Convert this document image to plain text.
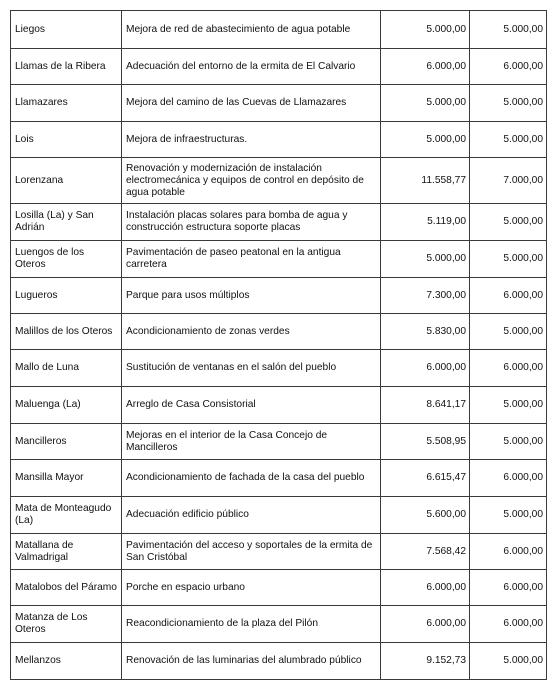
Liegos	Mejora de red de abastecimiento de agua potable	5.000,00	5.000,00
Llamas de la Ribera	Adecuación del entorno de la ermita de El Calvario	6.000,00	6.000,00
Llamazares	Mejora del camino de las Cuevas de Llamazares	5.000,00	5.000,00
Lois	Mejora de infraestructuras.	5.000,00	5.000,00
Lorenzana	Renovación y modernización de instalación electromecánica y equipos de control en depósito de agua potable	11.558,77	7.000,00
Losilla (La) y San Adrián	Instalación placas solares para bomba de agua y construcción estructura soporte placas	5.119,00	5.000,00
Luengos de los Oteros	Pavimentación de paseo peatonal en la antigua carretera	5.000,00	5.000,00
Lugueros	Parque para usos múltiplos	7.300,00	6.000,00
Malillos de los Oteros	Acondicionamiento de zonas verdes	5.830,00	5.000,00
Mallo de Luna	Sustitución de ventanas en el salón del pueblo	6.000,00	6.000,00
Maluenga (La)	Arreglo de Casa Consistorial	8.641,17	5.000,00
Mancilleros	Mejoras en el interior de la Casa Concejo de Mancilleros	5.508,95	5.000,00
Mansilla Mayor	Acondicionamiento de fachada de la casa del pueblo	6.615,47	6.000,00
Mata de Monteagudo (La)	Adecuación edificio público	5.600,00	5.000,00
Matallana de Valmadrigal	Pavimentación del acceso y soportales de la ermita de San Cristóbal	7.568,42	6.000,00
Matalobos del Páramo	Porche en espacio urbano	6.000,00	6.000,00
Matanza de Los Oteros	Reacondicionamiento de la plaza del Pilón	6.000,00	6.000,00
Mellanzos	Renovación de las luminarias del alumbrado público	9.152,73	5.000,00
